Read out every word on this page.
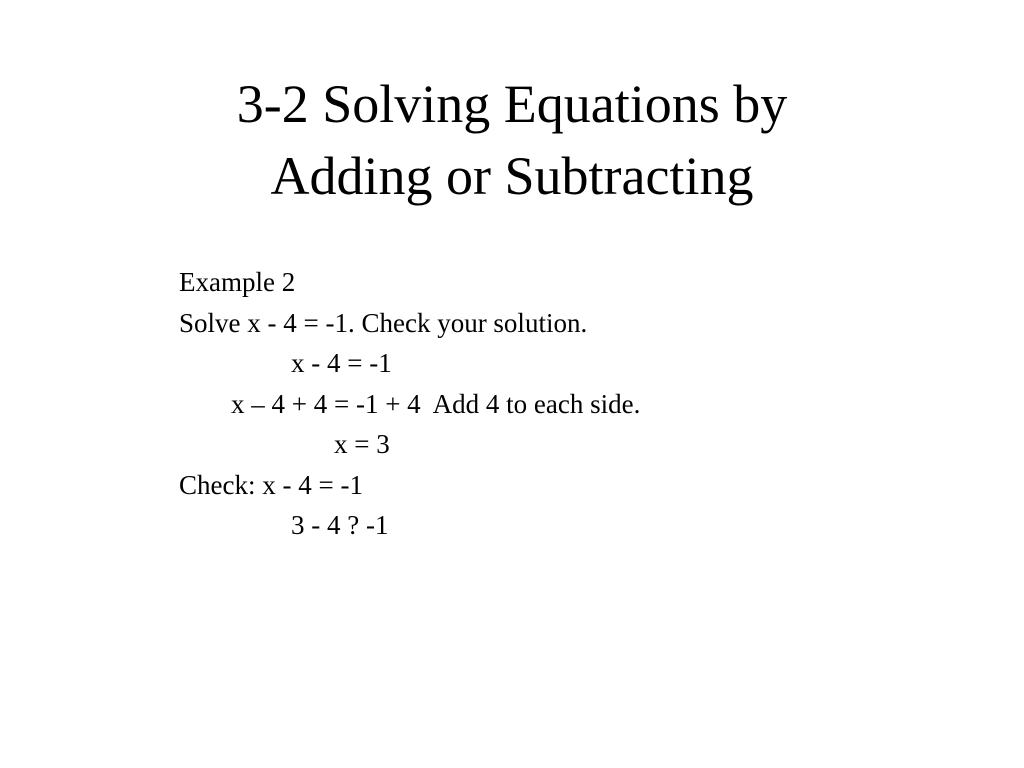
3-2 Solving Equations by
Adding or Subtracting
Example 2
Solve x - 4 = -1. Check your solution.
x - 4 = -1
x – 4 + 4 = -1 + 4  Add 4 to each side.
x = 3
Check: x - 4 = -1
3 - 4 ? -1
